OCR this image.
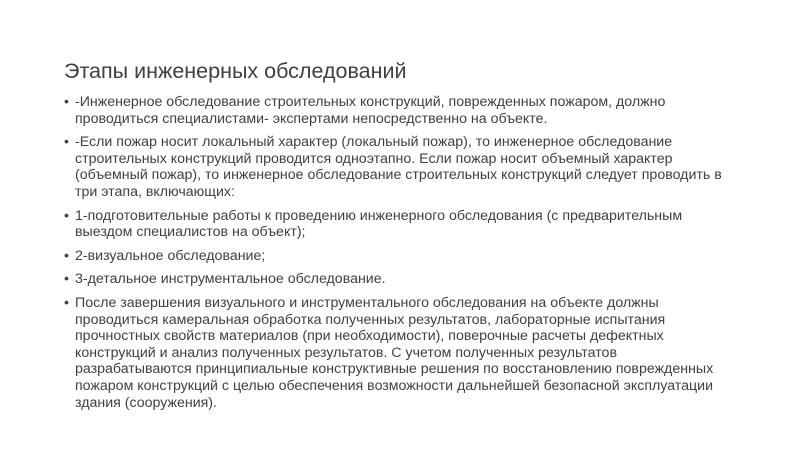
Этапы инженерных обследований
• -Инженерное обследование строительных конструкций, поврежденных пожаром, должно проводиться специалистами- экспертами непосредственно на объекте.
• -Если пожар носит локальный характер (локальный пожар), то инженерное обследование строительных конструкций проводится одноэтапно. Если пожар носит объемный характер (объемный пожар), то инженерное обследование строительных конструкций следует проводить в три этапа, включающих:
• 1-подготовительные работы к проведению инженерного обследования (с предварительным выездом специалистов на объект);
• 2-визуальное обследование;
• 3-детальное инструментальное обследование.
• После завершения визуального и инструментального обследования на объекте должны проводиться камеральная обработка полученных результатов, лабораторные испытания прочностных свойств материалов (при необходимости), поверочные расчеты дефектных конструкций и анализ полученных результатов. С учетом полученных результатов разрабатываются принципиальные конструктивные решения по восстановлению поврежденных пожаром конструкций с целью обеспечения возможности дальнейшей безопасной эксплуатации здания (сооружения).
